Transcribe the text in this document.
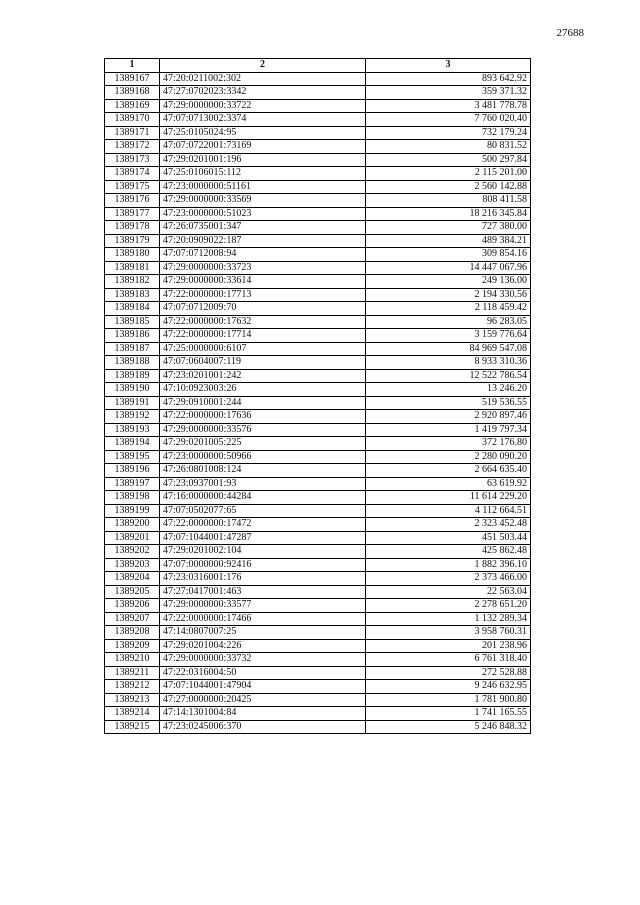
27688
1	2	3
1389167	47:20:0211002:302	893 642.92
1389168	47:27:0702023:3342	359 371.32
1389169	47:29:0000000:33722	3 481 778.78
1389170	47:07:0713002:3374	7 760 020.40
1389171	47:25:0105024:95	732 179.24
1389172	47:07:0722001:73169	80 831.52
1389173	47:29:0201001:196	500 297.84
1389174	47:25:0106015:112	2 115 201.00
1389175	47:23:0000000:51161	2 560 142.88
1389176	47:29:0000000:33569	808 411.58
1389177	47:23:0000000:51023	18 216 345.84
1389178	47:26:0735001:347	727 380.00
1389179	47:20:0909022:187	489 384.21
1389180	47:07:0712008:94	309 854.16
1389181	47:29:0000000:33723	14 447 067.96
1389182	47:29:0000000:33614	249 136.00
1389183	47:22:0000000:17713	2 194 330.56
1389184	47:07:0712009:70	2 118 459.42
1389185	47:22:0000000:17632	96 283.05
1389186	47:22:0000000:17714	3 159 776.64
1389187	47:25:0000000:6107	84 969 547.08
1389188	47:07:0604007:119	8 933 310.36
1389189	47:23:0201001:242	12 522 786.54
1389190	47:10:0923003:26	13 246.20
1389191	47:29:0910001:244	519 536.55
1389192	47:22:0000000:17636	2 920 897.46
1389193	47:29:0000000:33576	1 419 797.34
1389194	47:29:0201005:225	372 176.80
1389195	47:23:0000000:50966	2 280 090.20
1389196	47:26:0801008:124	2 664 635.40
1389197	47:23:0937001:93	63 619.92
1389198	47:16:0000000:44284	11 614 229.20
1389199	47:07:0502077:65	4 112 664.51
1389200	47:22:0000000:17472	2 323 452.48
1389201	47:07:1044001:47287	451 503.44
1389202	47:29:0201002:104	425 862.48
1389203	47:07:0000000:92416	1 882 396.10
1389204	47:23:0316001:176	2 373 466.00
1389205	47:27:0417001:463	22 563.04
1389206	47:29:0000000:33577	2 278 651.20
1389207	47:22:0000000:17466	1 132 289.34
1389208	47:14:0807007:25	3 958 760.31
1389209	47:29:0201004:226	201 238.96
1389210	47:29:0000000:33732	6 761 318.40
1389211	47:22:0316004:50	272 528.88
1389212	47:07:1044001:47904	9 246 632.95
1389213	47:27:0000000:20425	1 781 900.80
1389214	47:14:1301004:84	1 741 165.55
1389215	47:23:0245006:370	5 246 848.32
